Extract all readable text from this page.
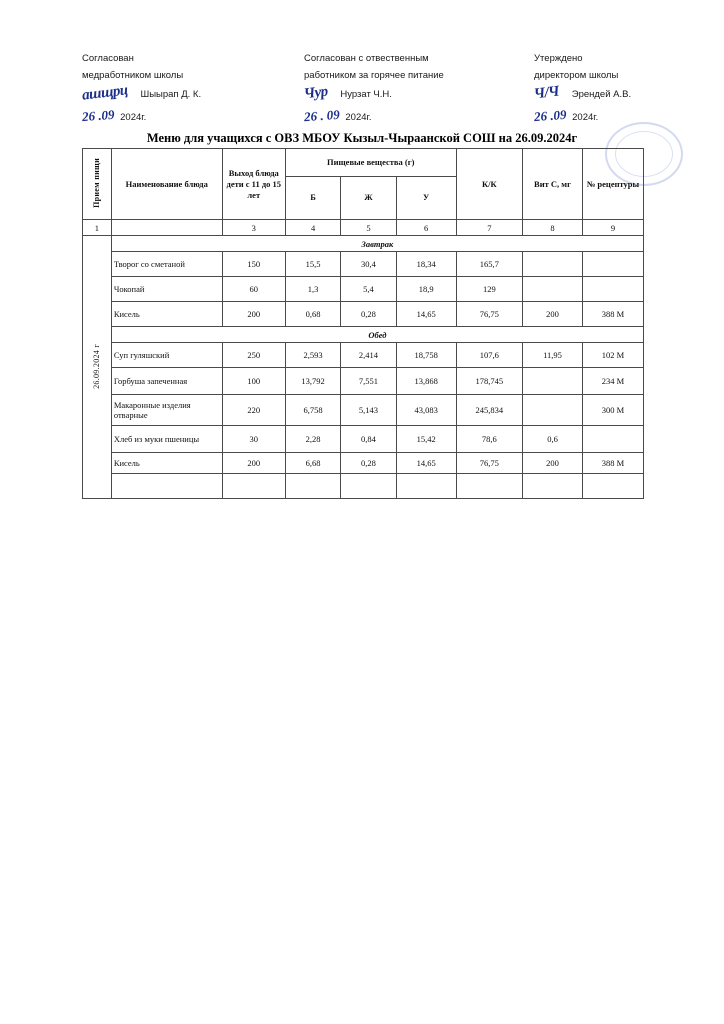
Согласован
медработником школы
ашщрц Шыырап Д. К.
26 .09 2024г.
Согласован с отвественным
работником за горячее питание
Чур Нурзат Ч.Н.
26 . 09 2024г.
Утерждено
директором школы
Ч/Ч Эрендей А.В.
26 .09 2024г.
Меню для учащихся с ОВЗ МБОУ Кызыл-Чыраанской СОШ на 26.09.2024г
Прием пищи	Наименование блюда	Выход блюда дети с 11 до 15 лет	Пищевые вещества (г)			К/К	Вит С, мг	№ рецептуры
			Б	Ж	У			
1		3	4	5	6	7	8	9
26.09.2024 г	Завтрак							
	Творог со сметаной	150	15,5	30,4	18,34	165,7		
	Чокопай	60	1,3	5,4	18,9	129		
	Кисель	200	0,68	0,28	14,65	76,75	200	388 М
	Обед							
	Суп гуляшский	250	2,593	2,414	18,758	107,6	11,95	102 М
	Горбуша запеченная	100	13,792	7,551	13,868	178,745		234 М
	Макаронные изделия отварные	220	6,758	5,143	43,083	245,834		300 М
	Хлеб из муки пшеницы	30	2,28	0,84	15,42	78,6	0,6	
	Кисель	200	6,68	0,28	14,65	76,75	200	388 М
